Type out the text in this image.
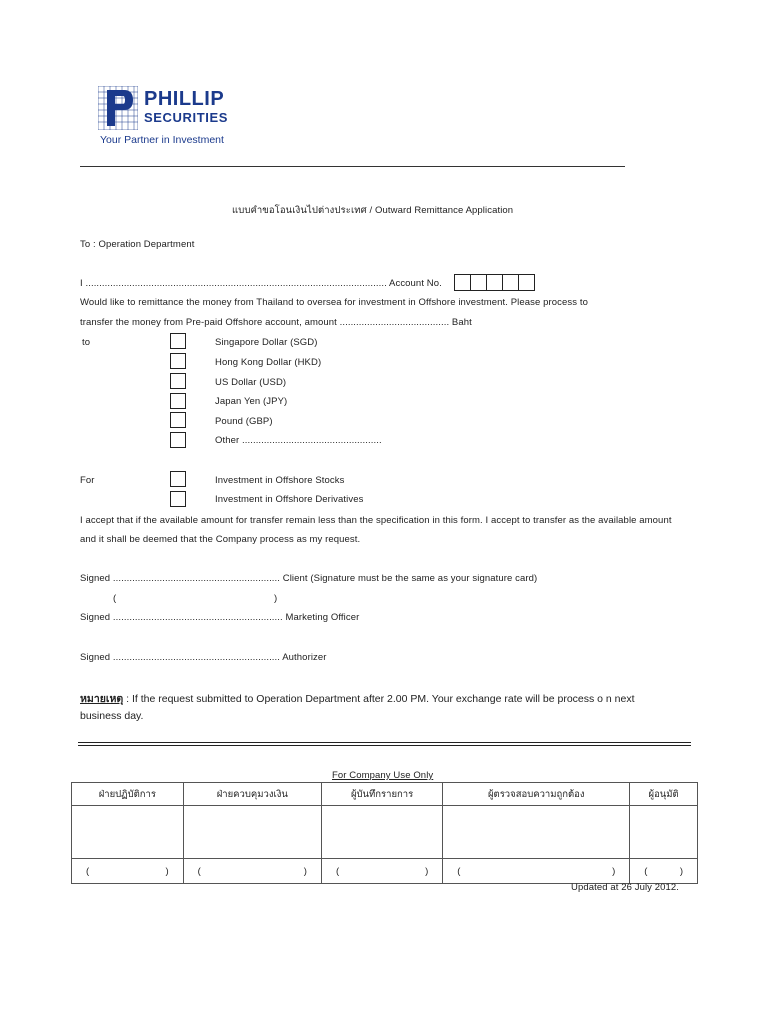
PHILLIP
SECURITIES
Your Partner in Investment
แบบคำขอโอนเงินไปต่างประเทศ / Outward Remittance Application
To : Operation Department
I .............................................................................................................. Account No.
Would like to remittance the money from Thailand to oversea for investment in Offshore investment. Please process to
transfer the money from Pre-paid Offshore account, amount ........................................ Baht
to	Singapore Dollar (SGD)
Hong Kong Dollar (HKD)
US Dollar (USD)
Japan Yen (JPY)
Pound (GBP)
Other ...................................................
For	Investment in Offshore Stocks
Investment in Offshore Derivatives
I accept that if the available amount for transfer remain less than the specification in this form. I accept to transfer as the available amount
and it shall be deemed that the Company process as my request.
Signed ............................................................. Client (Signature must be the same as your signature card)
(	)
Signed .............................................................. Marketing Officer
Signed ............................................................. Authorizer
หมายเหตุ : If the request submitted to Operation Department after 2.00 PM. Your exchange rate will be process o n next
business day.
For Company Use Only
ฝ่ายปฏิบัติการ	ฝ่ายควบคุมวงเงิน	ผู้บันทึกรายการ	ผู้ตรวจสอบความถูกต้อง	ผู้อนุมัติ

( )	( )	( )	( )	( )
Updated at 26 July 2012.
